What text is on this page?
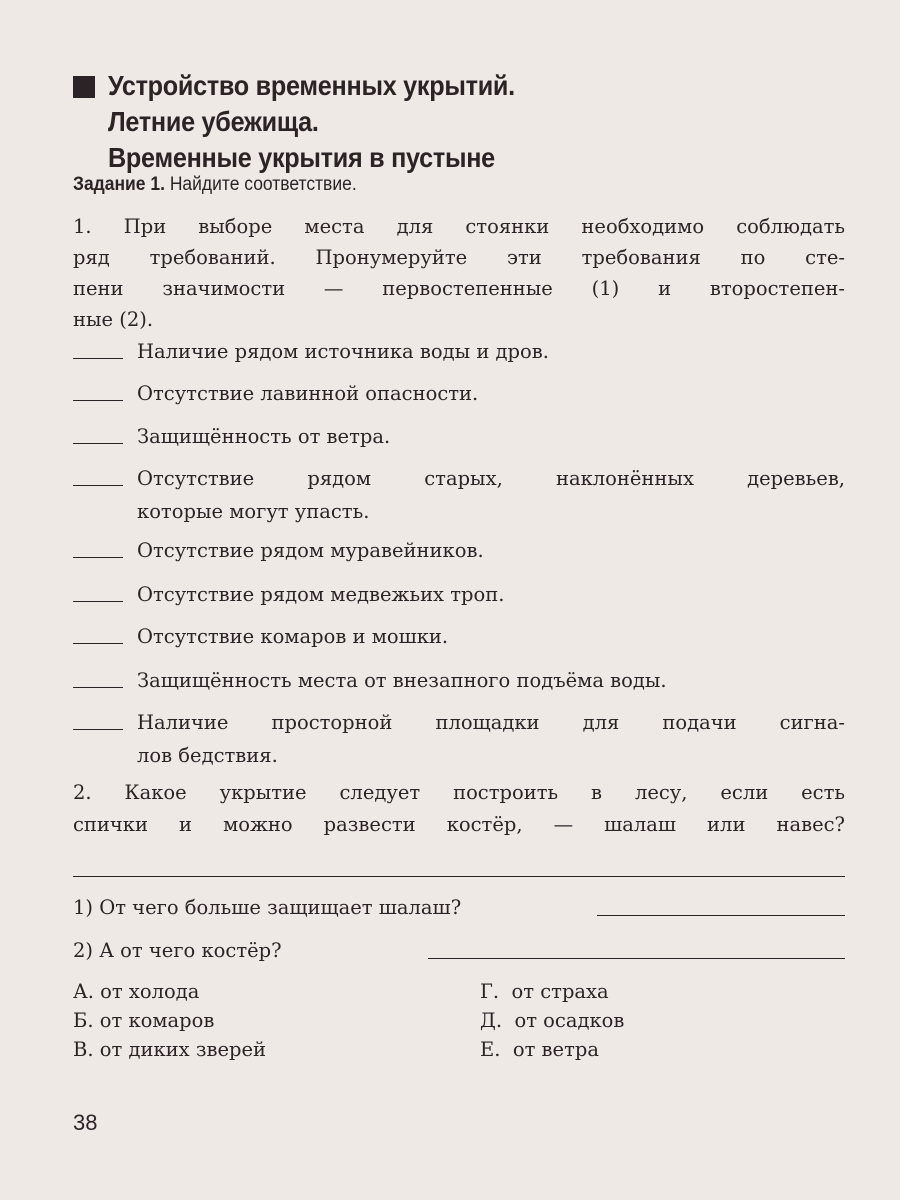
Устройство временных укрытий.
Летние убежища.
Временные укрытия в пустыне
Задание 1. Найдите соответствие.
1. При выборе места для стоянки необходимо соблюдать
ряд требований. Пронумеруйте эти требования по сте-
пени значимости — первостепенные (1) и второстепен-
ные (2).
Наличие рядом источника воды и дров.
Отсутствие лавинной опасности.
Защищённость от ветра.
Отсутствие рядом старых, наклонённых деревьев,
которые могут упасть.
Отсутствие рядом муравейников.
Отсутствие рядом медвежьих троп.
Отсутствие комаров и мошки.
Защищённость места от внезапного подъёма воды.
Наличие просторной площадки для подачи сигна-
лов бедствия.
2. Какое укрытие следует построить в лесу, если есть
спички и можно развести костёр, — шалаш или навес?
1) От чего больше защищает шалаш?
2) А от чего костёр?
А. от холода
Б. от комаров
В. от диких зверей
Г.  от страха
Д.  от осадков
Е.  от ветра
38
